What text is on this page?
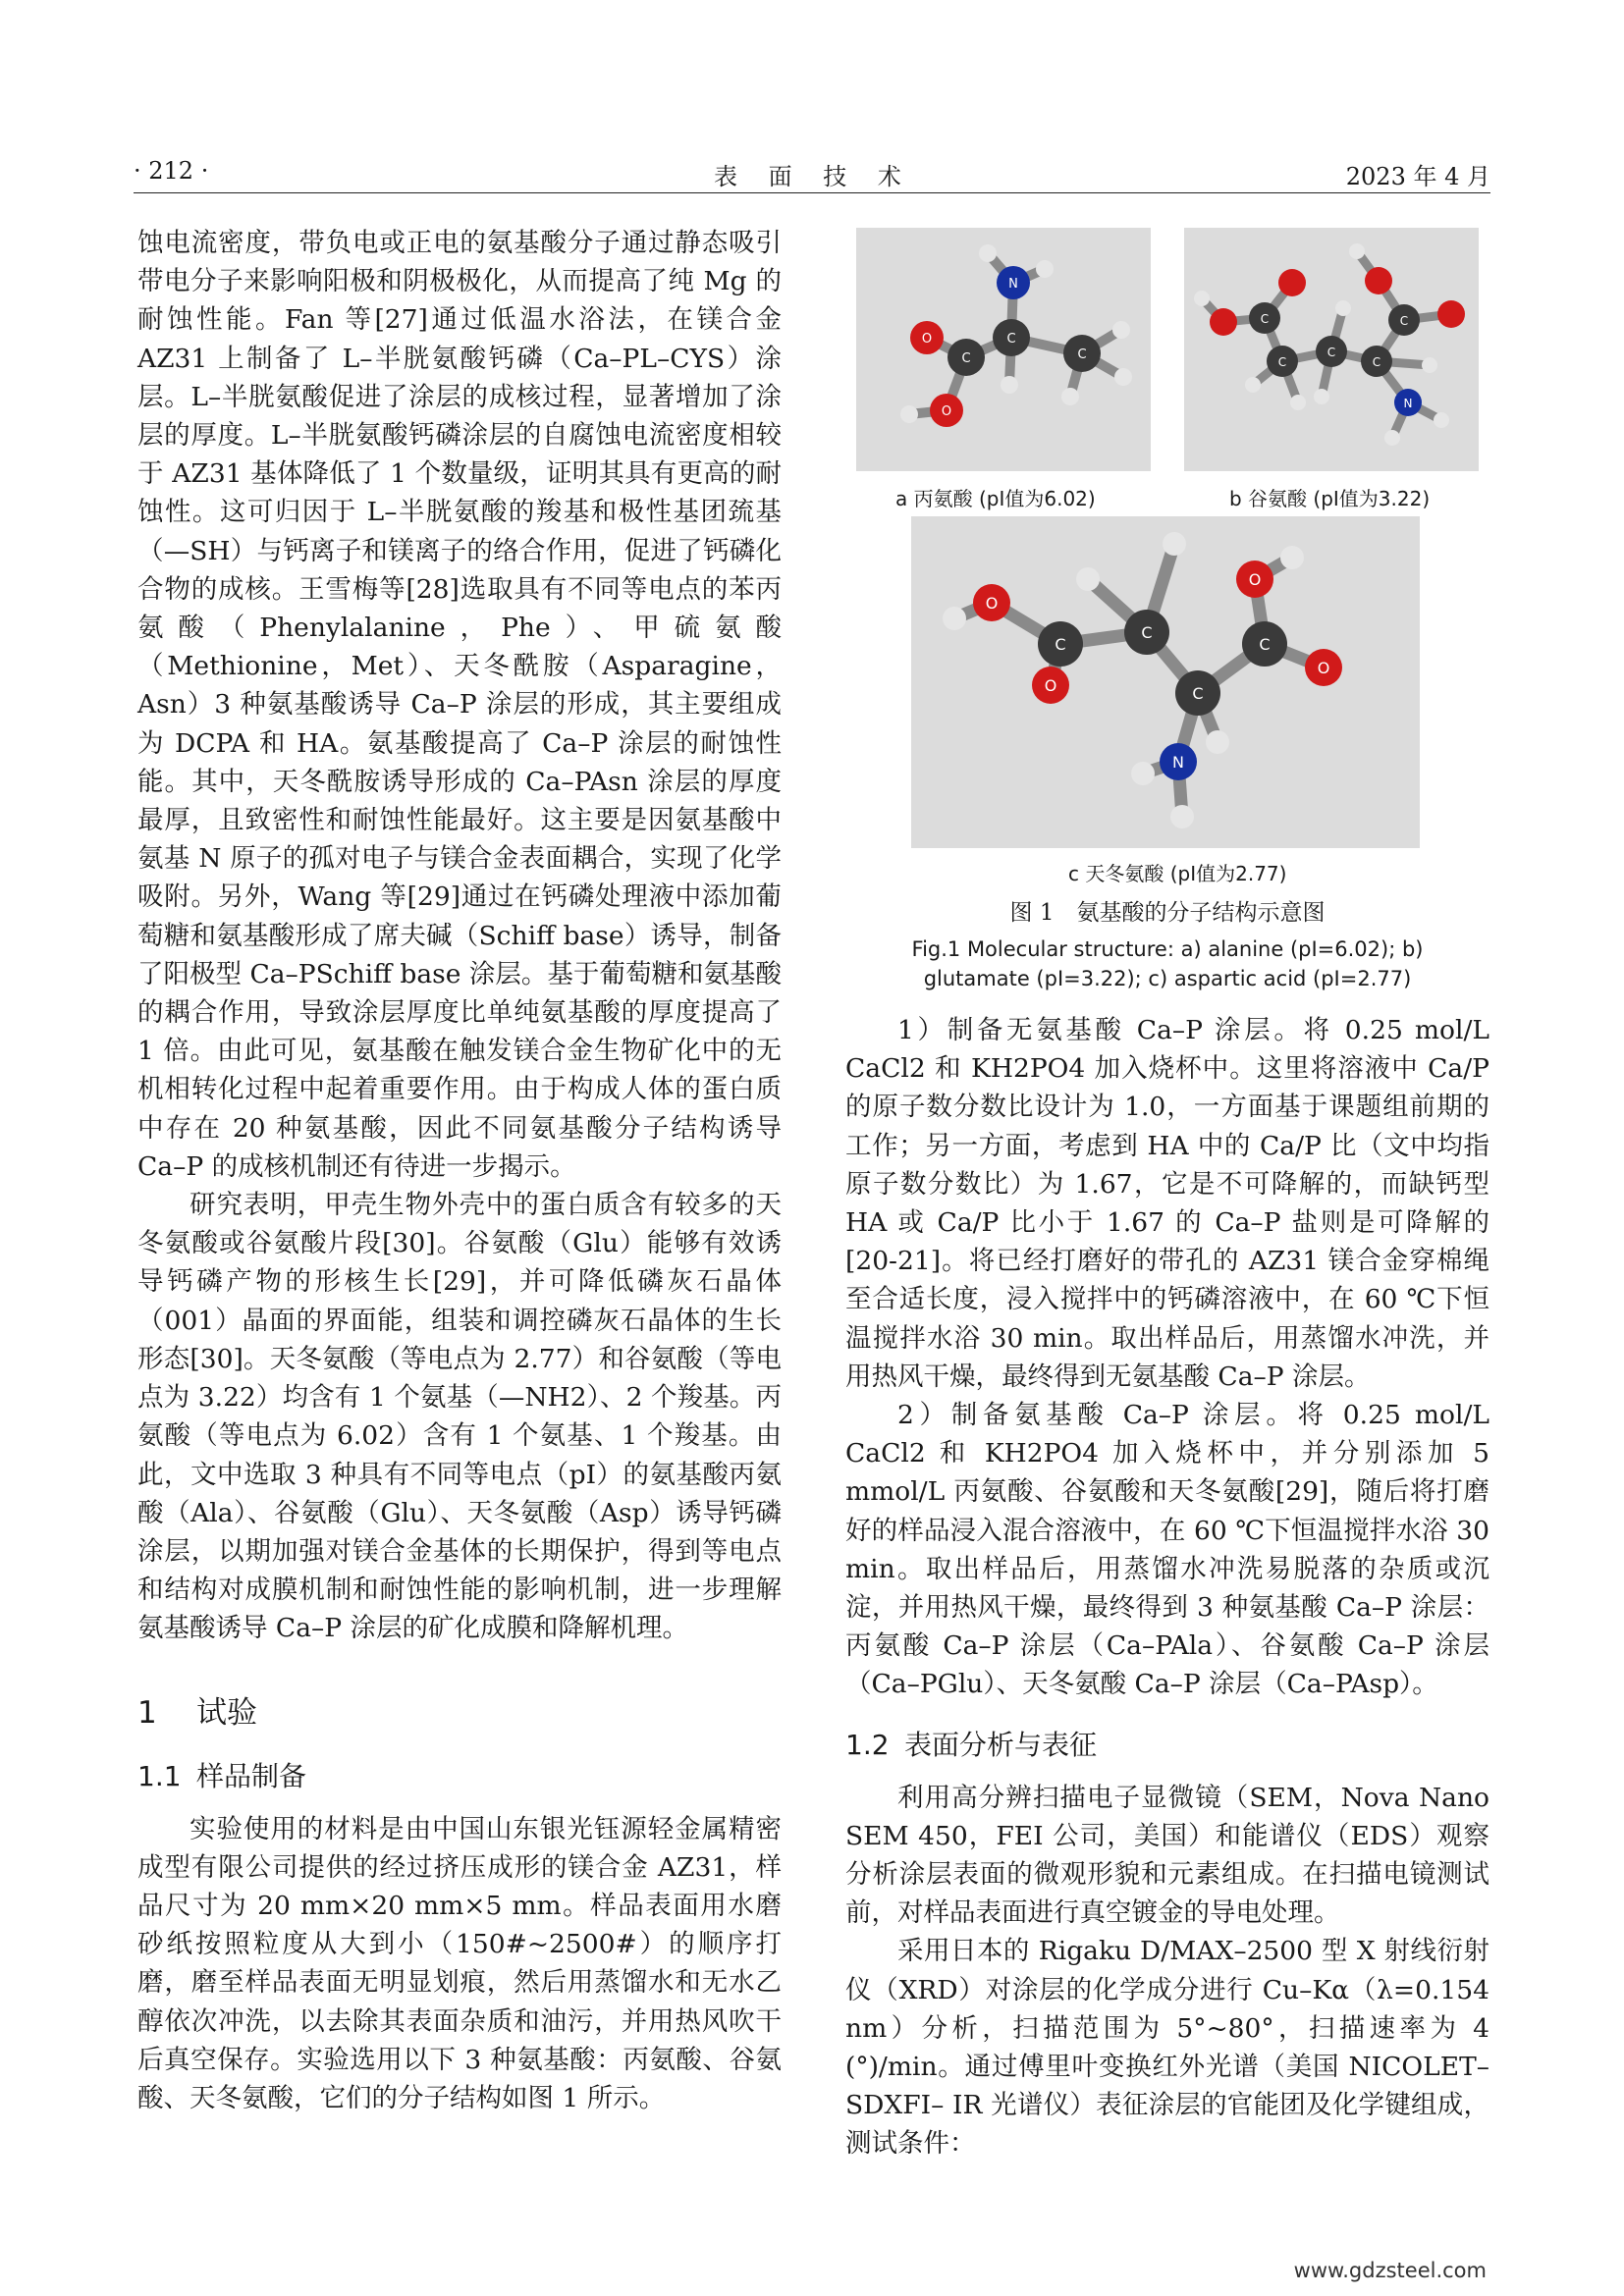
· 212 ·	表 面 技 术	2023 年 4 月

蚀电流密度，带负电或正电的氨基酸分子通过静态吸引带电分子来影响阳极和阴极极化，从而提高了纯 Mg 的耐蚀性能。Fan 等[27]通过低温水浴法，在镁合金 AZ31 上制备了 L–半胱氨酸钙磷（Ca–PL–CYS）涂层。L–半胱氨酸促进了涂层的成核过程，显著增加了涂层的厚度。L–半胱氨酸钙磷涂层的自腐蚀电流密度相较于 AZ31 基体降低了 1 个数量级，证明其具有更高的耐蚀性。这可归因于 L–半胱氨酸的羧基和极性基团巯基（—SH）与钙离子和镁离子的络合作用，促进了钙磷化合物的成核。王雪梅等[28]选取具有不同等电点的苯丙氨酸（Phenylalanine，Phe）、甲硫氨酸（Methionine，Met）、天冬酰胺（Asparagine，Asn）3 种氨基酸诱导 Ca–P 涂层的形成，其主要组成为 DCPA 和 HA。氨基酸提高了 Ca–P 涂层的耐蚀性能。其中，天冬酰胺诱导形成的 Ca–PAsn 涂层的厚度最厚，且致密性和耐蚀性能最好。这主要是因氨基酸中氨基 N 原子的孤对电子与镁合金表面耦合，实现了化学吸附。另外，Wang 等[29]通过在钙磷处理液中添加葡萄糖和氨基酸形成了席夫碱（Schiff base）诱导，制备了阳极型 Ca–PSchiff base 涂层。基于葡萄糖和氨基酸的耦合作用，导致涂层厚度比单纯氨基酸的厚度提高了 1 倍。由此可见，氨基酸在触发镁合金生物矿化中的无机相转化过程中起着重要作用。由于构成人体的蛋白质中存在 20 种氨基酸，因此不同氨基酸分子结构诱导 Ca–P 的成核机制还有待进一步揭示。

研究表明，甲壳生物外壳中的蛋白质含有较多的天冬氨酸或谷氨酸片段[30]。谷氨酸（Glu）能够有效诱导钙磷产物的形核生长[29]，并可降低磷灰石晶体（001）晶面的界面能，组装和调控磷灰石晶体的生长形态[30]。天冬氨酸（等电点为 2.77）和谷氨酸（等电点为 3.22）均含有 1 个氨基（—NH2）、2 个羧基。丙氨酸（等电点为 6.02）含有 1 个氨基、1 个羧基。由此，文中选取 3 种具有不同等电点（pI）的氨基酸丙氨酸（Ala）、谷氨酸（Glu）、天冬氨酸（Asp）诱导钙磷涂层，以期加强对镁合金基体的长期保护，得到等电点和结构对成膜机制和耐蚀性能的影响机制，进一步理解氨基酸诱导 Ca–P 涂层的矿化成膜和降解机理。

1 试验
1.1 样品制备

实验使用的材料是由中国山东银光钰源轻金属精密成型有限公司提供的经过挤压成形的镁合金 AZ31，样品尺寸为 20 mm×20 mm×5 mm。样品表面用水磨砂纸按照粒度从大到小（150#~2500#）的顺序打磨，磨至样品表面无明显划痕，然后用蒸馏水和无水乙醇依次冲洗，以去除其表面杂质和油污，并用热风吹干后真空保存。实验选用以下 3 种氨基酸：丙氨酸、谷氨酸、天冬氨酸，它们的分子结构如图 1 所示。

N
O
O
C
C
C
a 丙氨酸 (pI值为6.02)
N
C
C
C
C
C
b 谷氨酸 (pI值为3.22)
O
O
O
O
N
C
C
C
C
c 天冬氨酸 (pI值为2.77)
图 1　氨基酸的分子结构示意图
Fig.1 Molecular structure: a) alanine (pI=6.02); b)
glutamate (pI=3.22); c) aspartic acid (pI=2.77)

1）制备无氨基酸 Ca–P 涂层。将 0.25 mol/L CaCl2 和 KH2PO4 加入烧杯中。这里将溶液中 Ca/P 的原子数分数比设计为 1.0，一方面基于课题组前期的工作；另一方面，考虑到 HA 中的 Ca/P 比（文中均指原子数分数比）为 1.67，它是不可降解的，而缺钙型 HA 或 Ca/P 比小于 1.67 的 Ca–P 盐则是可降解的[20-21]。将已经打磨好的带孔的 AZ31 镁合金穿棉绳至合适长度，浸入搅拌中的钙磷溶液中，在 60 ℃下恒温搅拌水浴 30 min。取出样品后，用蒸馏水冲洗，并用热风干燥，最终得到无氨基酸 Ca–P 涂层。

2）制备氨基酸 Ca–P 涂层。将 0.25 mol/L CaCl2 和 KH2PO4 加入烧杯中，并分别添加 5 mmol/L 丙氨酸、谷氨酸和天冬氨酸[29]，随后将打磨好的样品浸入混合溶液中，在 60 ℃下恒温搅拌水浴 30 min。取出样品后，用蒸馏水冲洗易脱落的杂质或沉淀，并用热风干燥，最终得到 3 种氨基酸 Ca–P 涂层：丙氨酸 Ca–P 涂层（Ca–PAla）、谷氨酸 Ca–P 涂层（Ca–PGlu）、天冬氨酸 Ca–P 涂层（Ca–PAsp）。

1.2 表面分析与表征

利用高分辨扫描电子显微镜（SEM，Nova Nano SEM 450，FEI 公司，美国）和能谱仪（EDS）观察分析涂层表面的微观形貌和元素组成。在扫描电镜测试前，对样品表面进行真空镀金的导电处理。

采用日本的 Rigaku D/MAX–2500 型 X 射线衍射仪（XRD）对涂层的化学成分进行 Cu–Kα（λ=0.154 nm）分析，扫描范围为 5°~80°，扫描速率为 4 (°)/min。通过傅里叶变换红外光谱（美国 NICOLET–SDXFI– IR 光谱仪）表征涂层的官能团及化学键组成，测试条件：

www.gdzsteel.com
